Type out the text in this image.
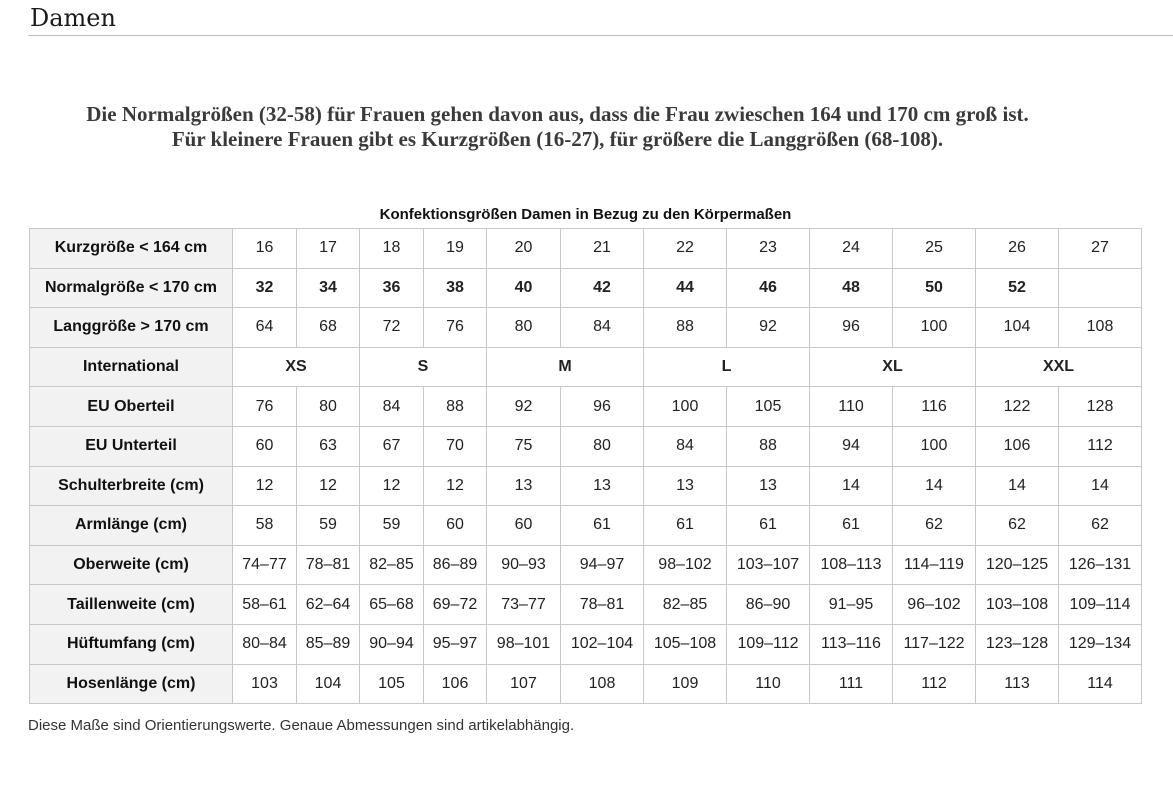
Damen
Die Normalgrößen (32-58) für Frauen gehen davon aus, dass die Frau zwieschen 164 und 170 cm groß ist.
Für kleinere Frauen gibt es Kurzgrößen (16-27), für größere die Langgrößen (68-108).
Konfektionsgrößen Damen in Bezug zu den Körpermaßen
Kurzgröße < 164 cm	16	17	18	19	20	21	22	23	24	25	26	27
Normalgröße < 170 cm	32	34	36	38	40	42	44	46	48	50	52	
Langgröße > 170 cm	64	68	72	76	80	84	88	92	96	100	104	108
International	XS		S		M		L		XL		XXL	
EU Oberteil	76	80	84	88	92	96	100	105	110	116	122	128
EU Unterteil	60	63	67	70	75	80	84	88	94	100	106	112
Schulterbreite (cm)	12	12	12	12	13	13	13	13	14	14	14	14
Armlänge (cm)	58	59	59	60	60	61	61	61	61	62	62	62
Oberweite (cm)	74–77	78–81	82–85	86–89	90–93	94–97	98–102	103–107	108–113	114–119	120–125	126–131
Taillenweite (cm)	58–61	62–64	65–68	69–72	73–77	78–81	82–85	86–90	91–95	96–102	103–108	109–114
Hüftumfang (cm)	80–84	85–89	90–94	95–97	98–101	102–104	105–108	109–112	113–116	117–122	123–128	129–134
Hosenlänge (cm)	103	104	105	106	107	108	109	110	111	112	113	114
Diese Maße sind Orientierungswerte. Genaue Abmessungen sind artikelabhängig.
